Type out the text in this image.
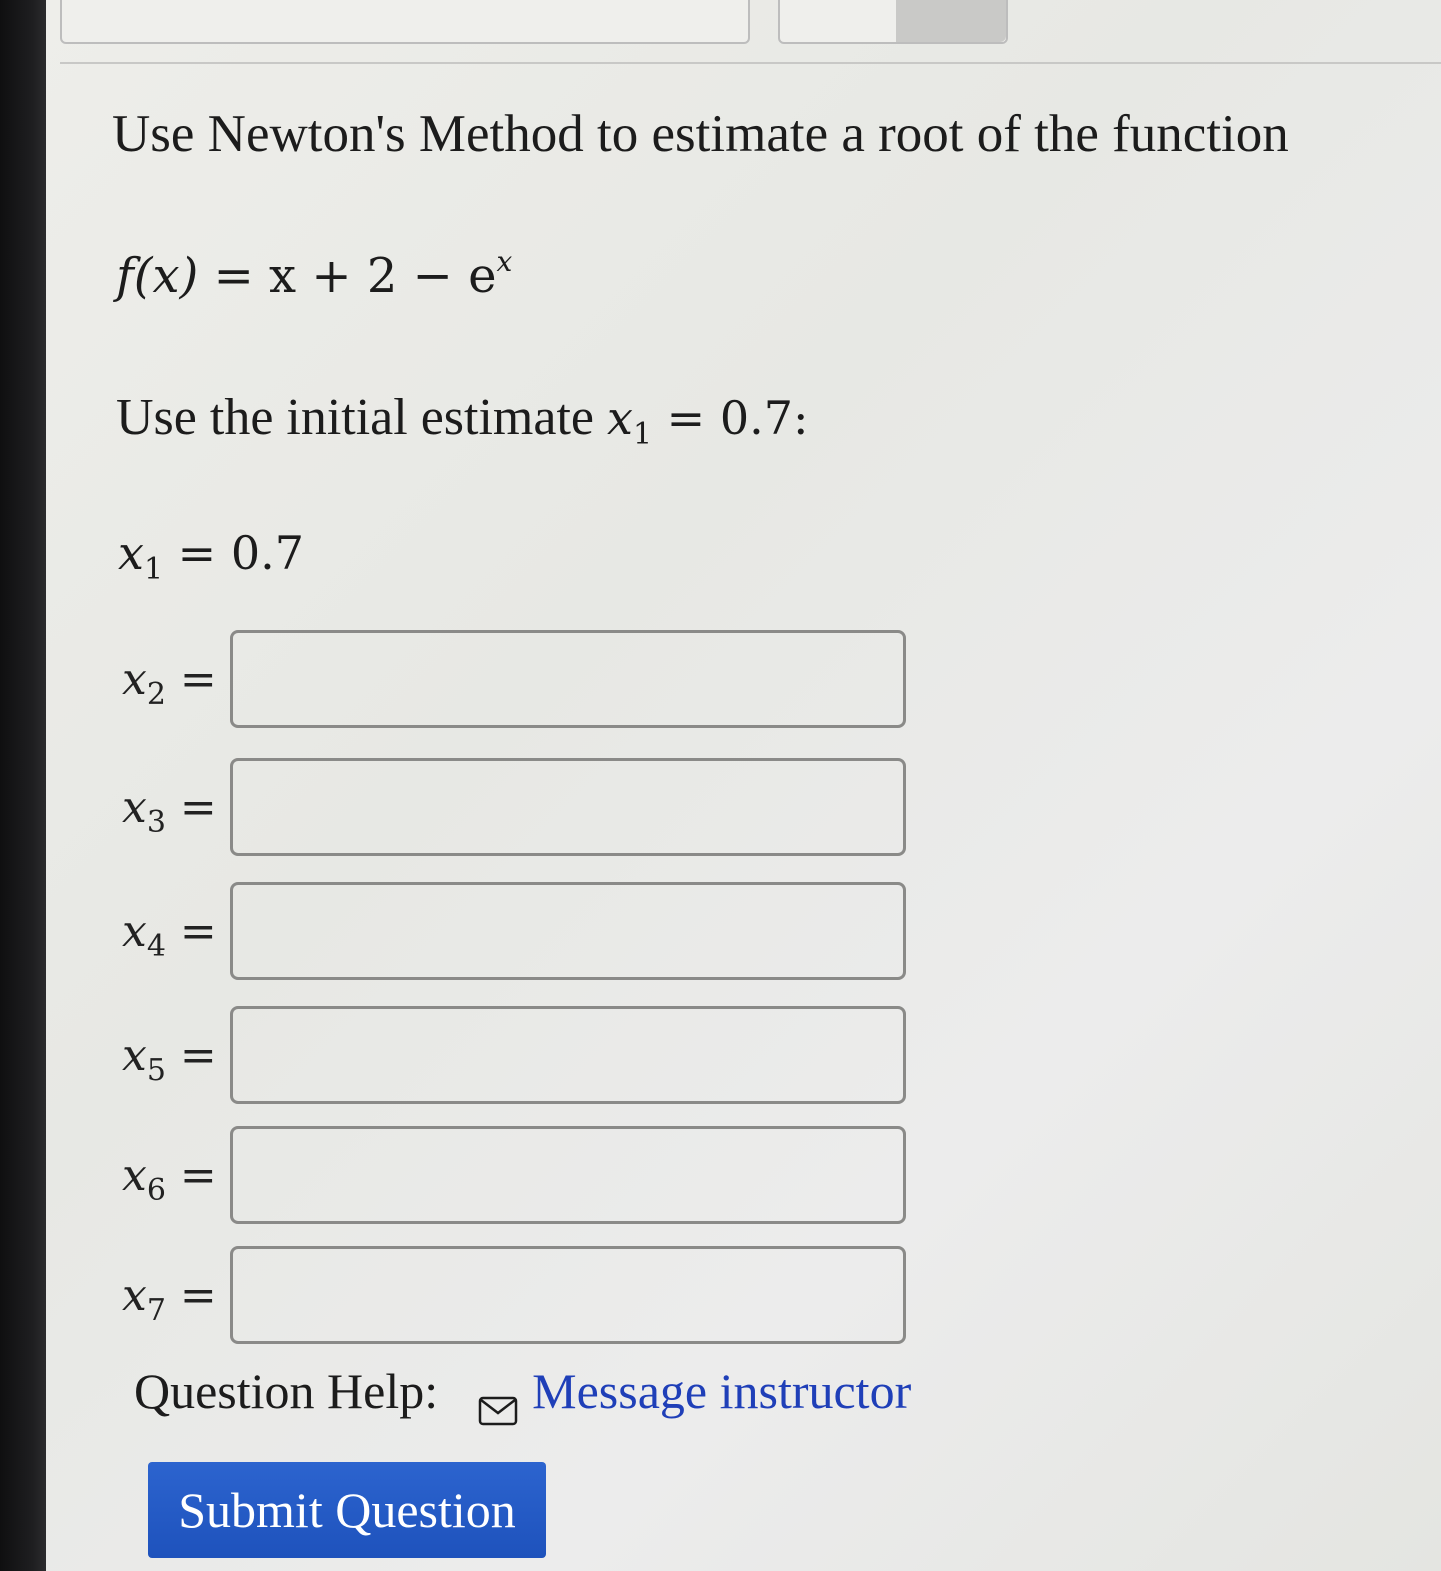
Use Newton's Method to estimate a root of the function
$f(x) = x + 2 - e^x$
Use the initial estimate $x_1 = 0.7$:
$x_1 = 0.7$
$x_2$ =
$x_3$ =
$x_4$ =
$x_5$ =
$x_6$ =
$x_7$ =
Question Help: Message instructor
Submit Question
